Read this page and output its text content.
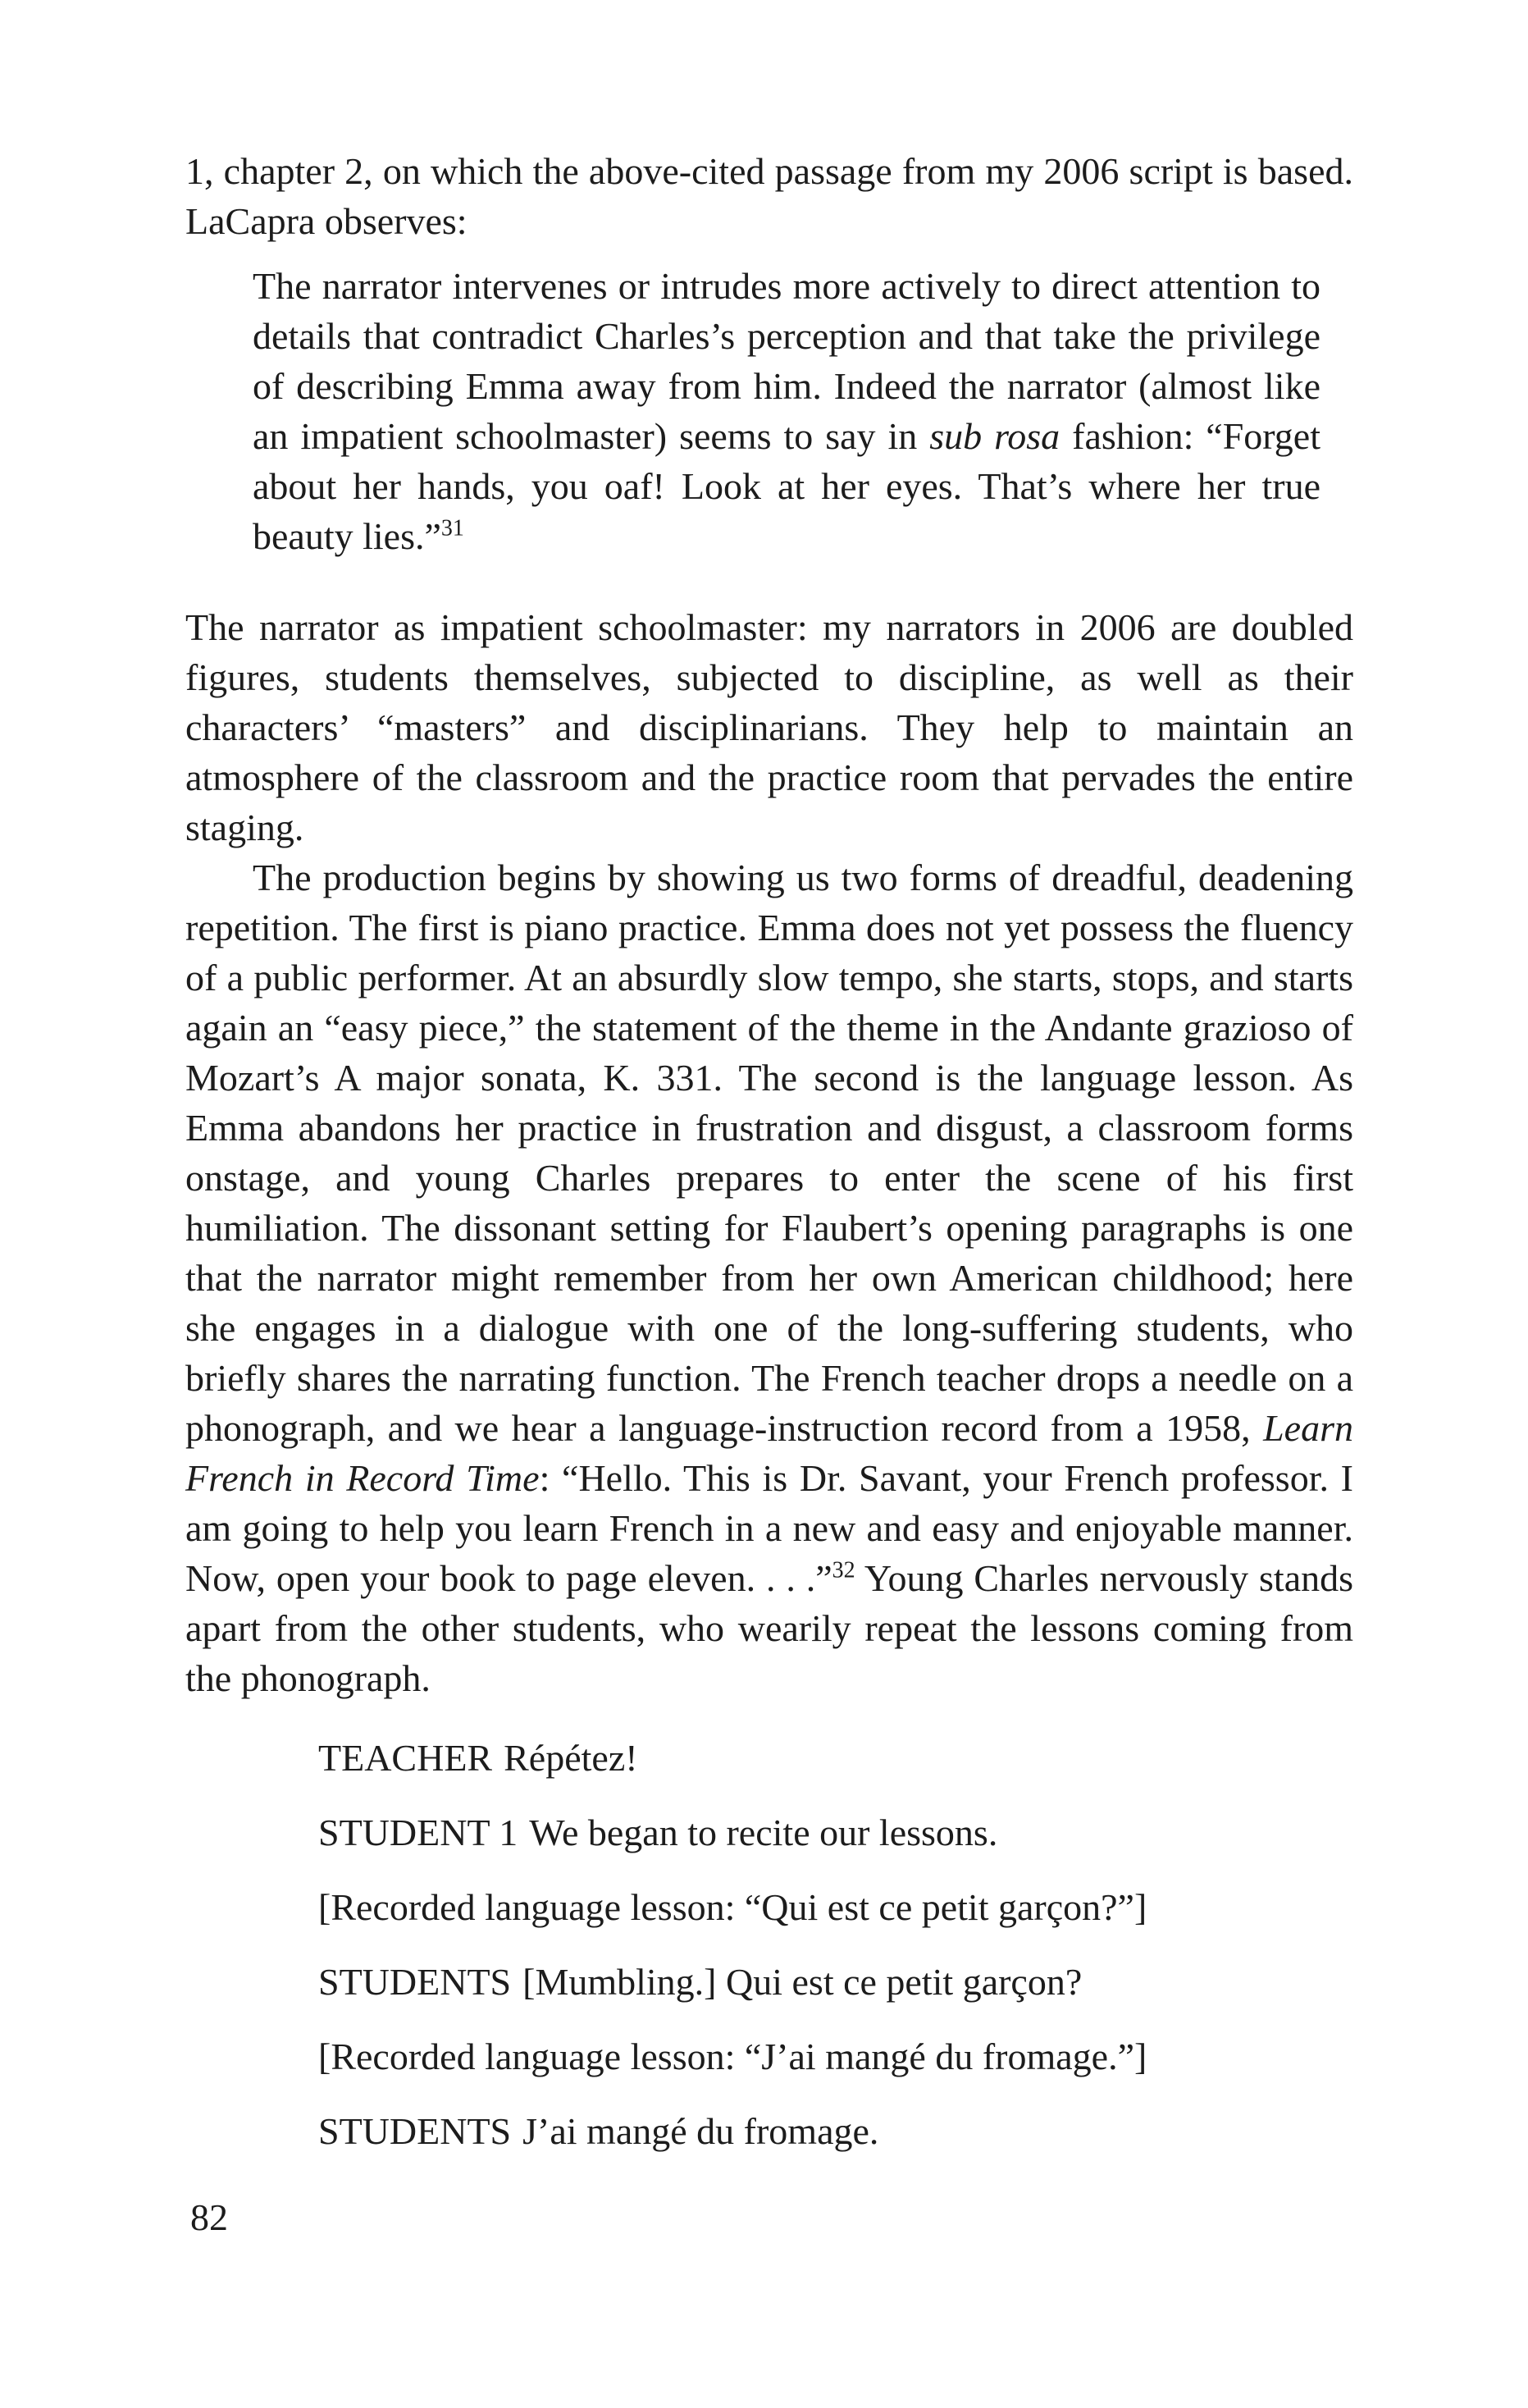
1, chapter 2, on which the above-cited passage from my 2006 script is based. LaCapra observes:

The narrator intervenes or intrudes more actively to direct attention to details that contradict Charles’s perception and that take the privilege of describing Emma away from him. Indeed the narrator (almost like an impatient schoolmaster) seems to say in sub rosa fashion: “Forget about her hands, you oaf! Look at her eyes. That’s where her true beauty lies.”$^{31}$

The narrator as impatient schoolmaster: my narrators in 2006 are doubled figures, students themselves, subjected to discipline, as well as their characters’ “masters” and disciplinarians. They help to maintain an atmosphere of the classroom and the practice room that pervades the entire staging.

The production begins by showing us two forms of dreadful, deadening repetition. The first is piano practice. Emma does not yet possess the fluency of a public performer. At an absurdly slow tempo, she starts, stops, and starts again an “easy piece,” the statement of the theme in the Andante grazioso of Mozart’s A major sonata, K. 331. The second is the language lesson. As Emma abandons her practice in frustration and disgust, a classroom forms onstage, and young Charles prepares to enter the scene of his first humiliation. The dissonant setting for Flaubert’s opening paragraphs is one that the narrator might remember from her own American childhood; here she engages in a dialogue with one of the long-suffering students, who briefly shares the narrating function. The French teacher drops a needle on a phonograph, and we hear a language-instruction record from a 1958, Learn French in Record Time: “Hello. This is Dr. Savant, your French professor. I am going to help you learn French in a new and easy and enjoyable manner. Now, open your book to page eleven. . . .”$^{32}$ Young Charles nervously stands apart from the other students, who wearily repeat the lessons coming from the phonograph.

TEACHER Répétez!
STUDENT 1 We began to recite our lessons.
[Recorded language lesson: “Qui est ce petit garçon?”]
STUDENTS [Mumbling.] Qui est ce petit garçon?
[Recorded language lesson: “J’ai mangé du fromage.”]
STUDENTS J’ai mangé du fromage.
82
